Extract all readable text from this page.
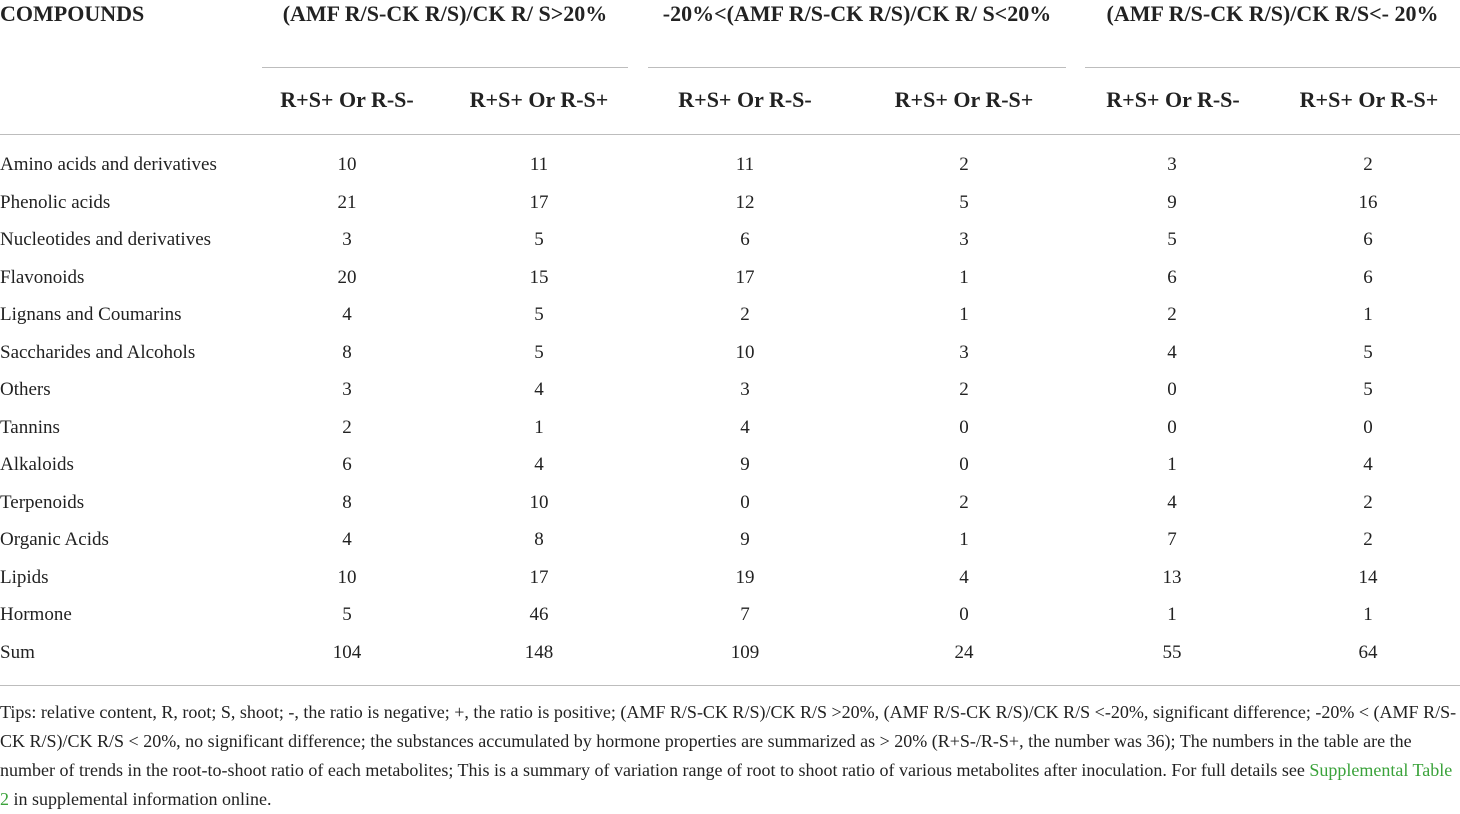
COMPOUNDS	(AMF R/S-CK R/S)/CK R/ S>20%	-20%<(AMF R/S-CK R/S)/CK R/ S<20%	(AMF R/S-CK R/S)/CK R/S<- 20%
R+S+ Or R-S-	R+S+ Or R-S+	R+S+ Or R-S-	R+S+ Or R-S+	R+S+ Or R-S-	R+S+ Or R-S+
Amino acids and derivatives	10	11	11	2	3	2
Phenolic acids	21	17	12	5	9	16
Nucleotides and derivatives	3	5	6	3	5	6
Flavonoids	20	15	17	1	6	6
Lignans and Coumarins	4	5	2	1	2	1
Saccharides and Alcohols	8	5	10	3	4	5
Others	3	4	3	2	0	5
Tannins	2	1	4	0	0	0
Alkaloids	6	4	9	0	1	4
Terpenoids	8	10	0	2	4	2
Organic Acids	4	8	9	1	7	2
Lipids	10	17	19	4	13	14
Hormone	5	46	7	0	1	1
Sum	104	148	109	24	55	64
Tips: relative content, R, root; S, shoot; -, the ratio is negative; +, the ratio is positive; (AMF R/S-CK R/S)/CK R/S >20%, (AMF R/S-CK R/S)/CK R/S <-20%, significant difference; -20% < (AMF R/S-CK R/S)/CK R/S < 20%, no significant difference; the substances accumulated by hormone properties are summarized as > 20% (R+S-/R-S+, the number was 36); The numbers in the table are the number of trends in the root-to-shoot ratio of each metabolites; This is a summary of variation range of root to shoot ratio of various metabolites after inoculation. For full details see Supplemental Table 2 in supplemental information online.
